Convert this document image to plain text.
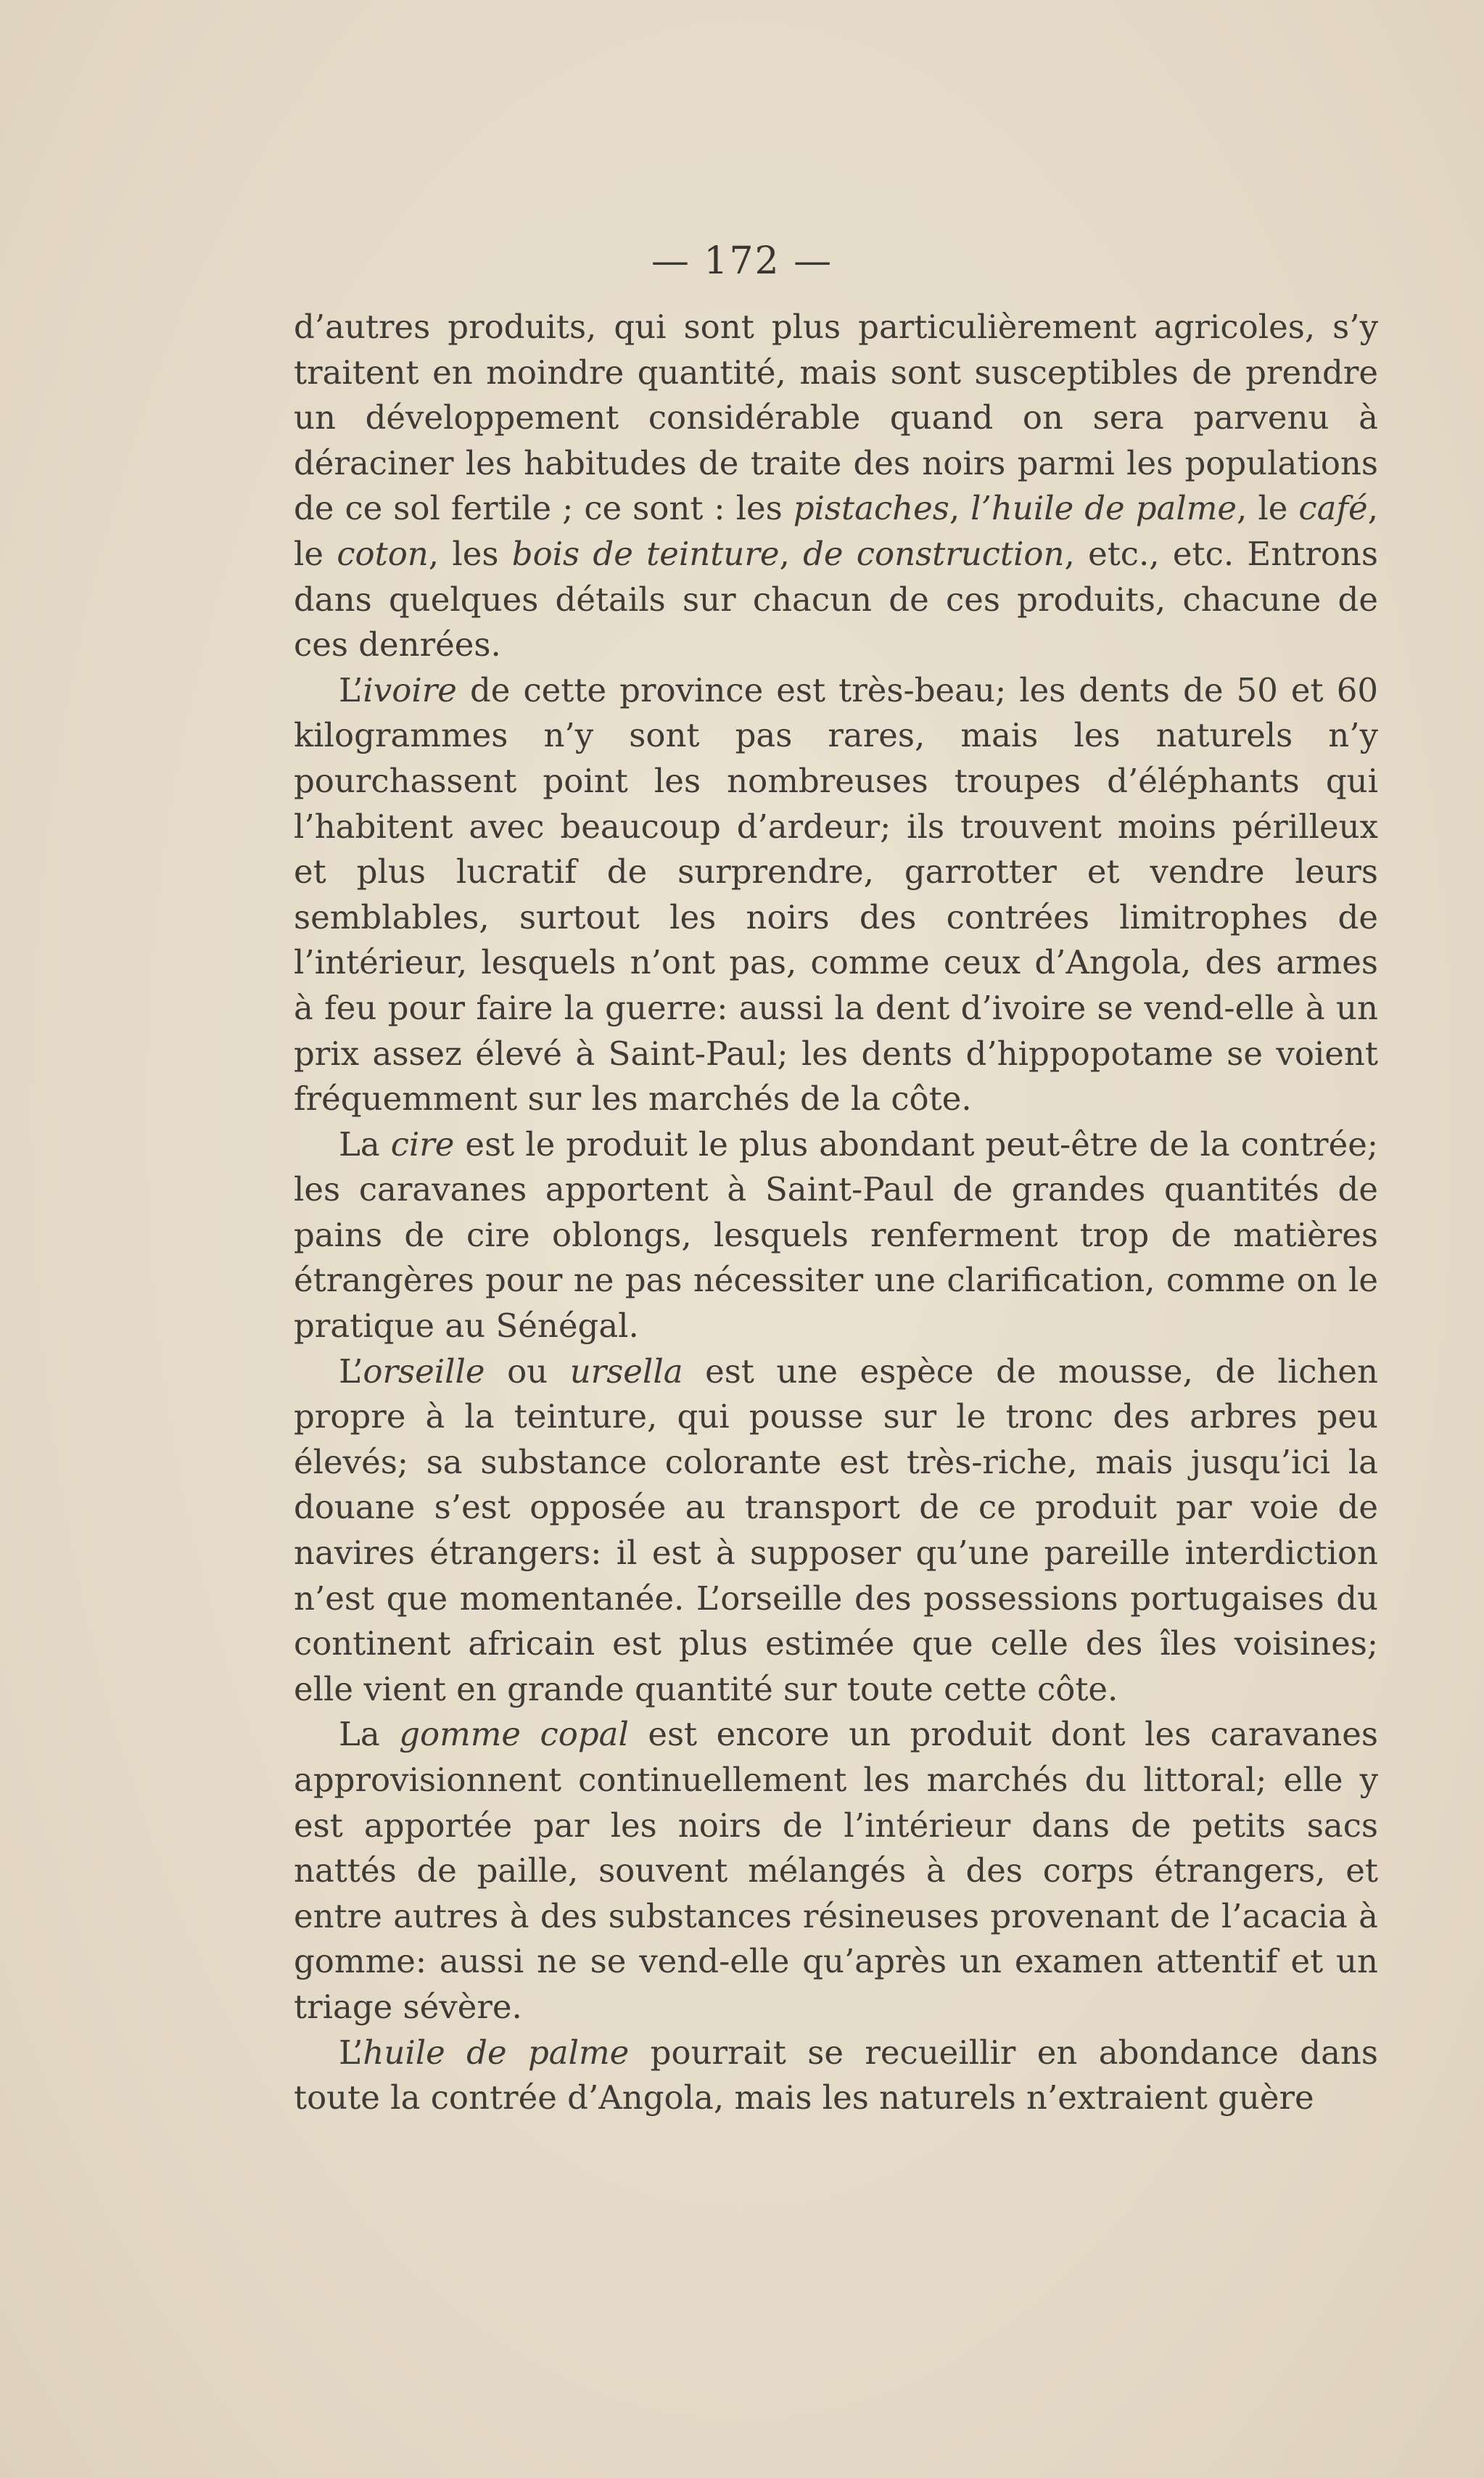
— 172 —

d’autres produits, qui sont plus particulièrement agricoles, s’y traitent en moindre quantité, mais sont susceptibles de prendre un développement considérable quand on sera parvenu à déraciner les habitudes de traite des noirs parmi les populations de ce sol fertile ; ce sont : les pistaches, l’huile de palme, le café, le coton, les bois de teinture, de construction, etc., etc. Entrons dans quelques détails sur chacun de ces produits, chacune de ces denrées.

L’ivoire de cette province est très-beau; les dents de 50 et 60 kilogrammes n’y sont pas rares, mais les naturels n’y pourchassent point les nombreuses troupes d’éléphants qui l’habitent avec beaucoup d’ardeur; ils trouvent moins périlleux et plus lucratif de surprendre, garrotter et vendre leurs semblables, surtout les noirs des contrées limitrophes de l’intérieur, lesquels n’ont pas, comme ceux d’Angola, des armes à feu pour faire la guerre: aussi la dent d’ivoire se vend-elle à un prix assez élevé à Saint-Paul; les dents d’hippopotame se voient fréquemment sur les marchés de la côte.

La cire est le produit le plus abondant peut-être de la contrée; les caravanes apportent à Saint-Paul de grandes quantités de pains de cire oblongs, lesquels renferment trop de matières étrangères pour ne pas nécessiter une clarification, comme on le pratique au Sénégal.

L’orseille ou ursella est une espèce de mousse, de lichen propre à la teinture, qui pousse sur le tronc des arbres peu élevés; sa substance colorante est très-riche, mais jusqu’ici la douane s’est opposée au transport de ce produit par voie de navires étrangers: il est à supposer qu’une pareille interdiction n’est que momentanée. L’orseille des possessions portugaises du continent africain est plus estimée que celle des îles voisines; elle vient en grande quantité sur toute cette côte.

La gomme copal est encore un produit dont les caravanes approvisionnent continuellement les marchés du littoral; elle y est apportée par les noirs de l’intérieur dans de petits sacs nattés de paille, souvent mélangés à des corps étrangers, et entre autres à des substances résineuses provenant de l’acacia à gomme: aussi ne se vend-elle qu’après un examen attentif et un triage sévère.

L’huile de palme pourrait se recueillir en abondance dans toute la contrée d’Angola, mais les naturels n’extraient guère
